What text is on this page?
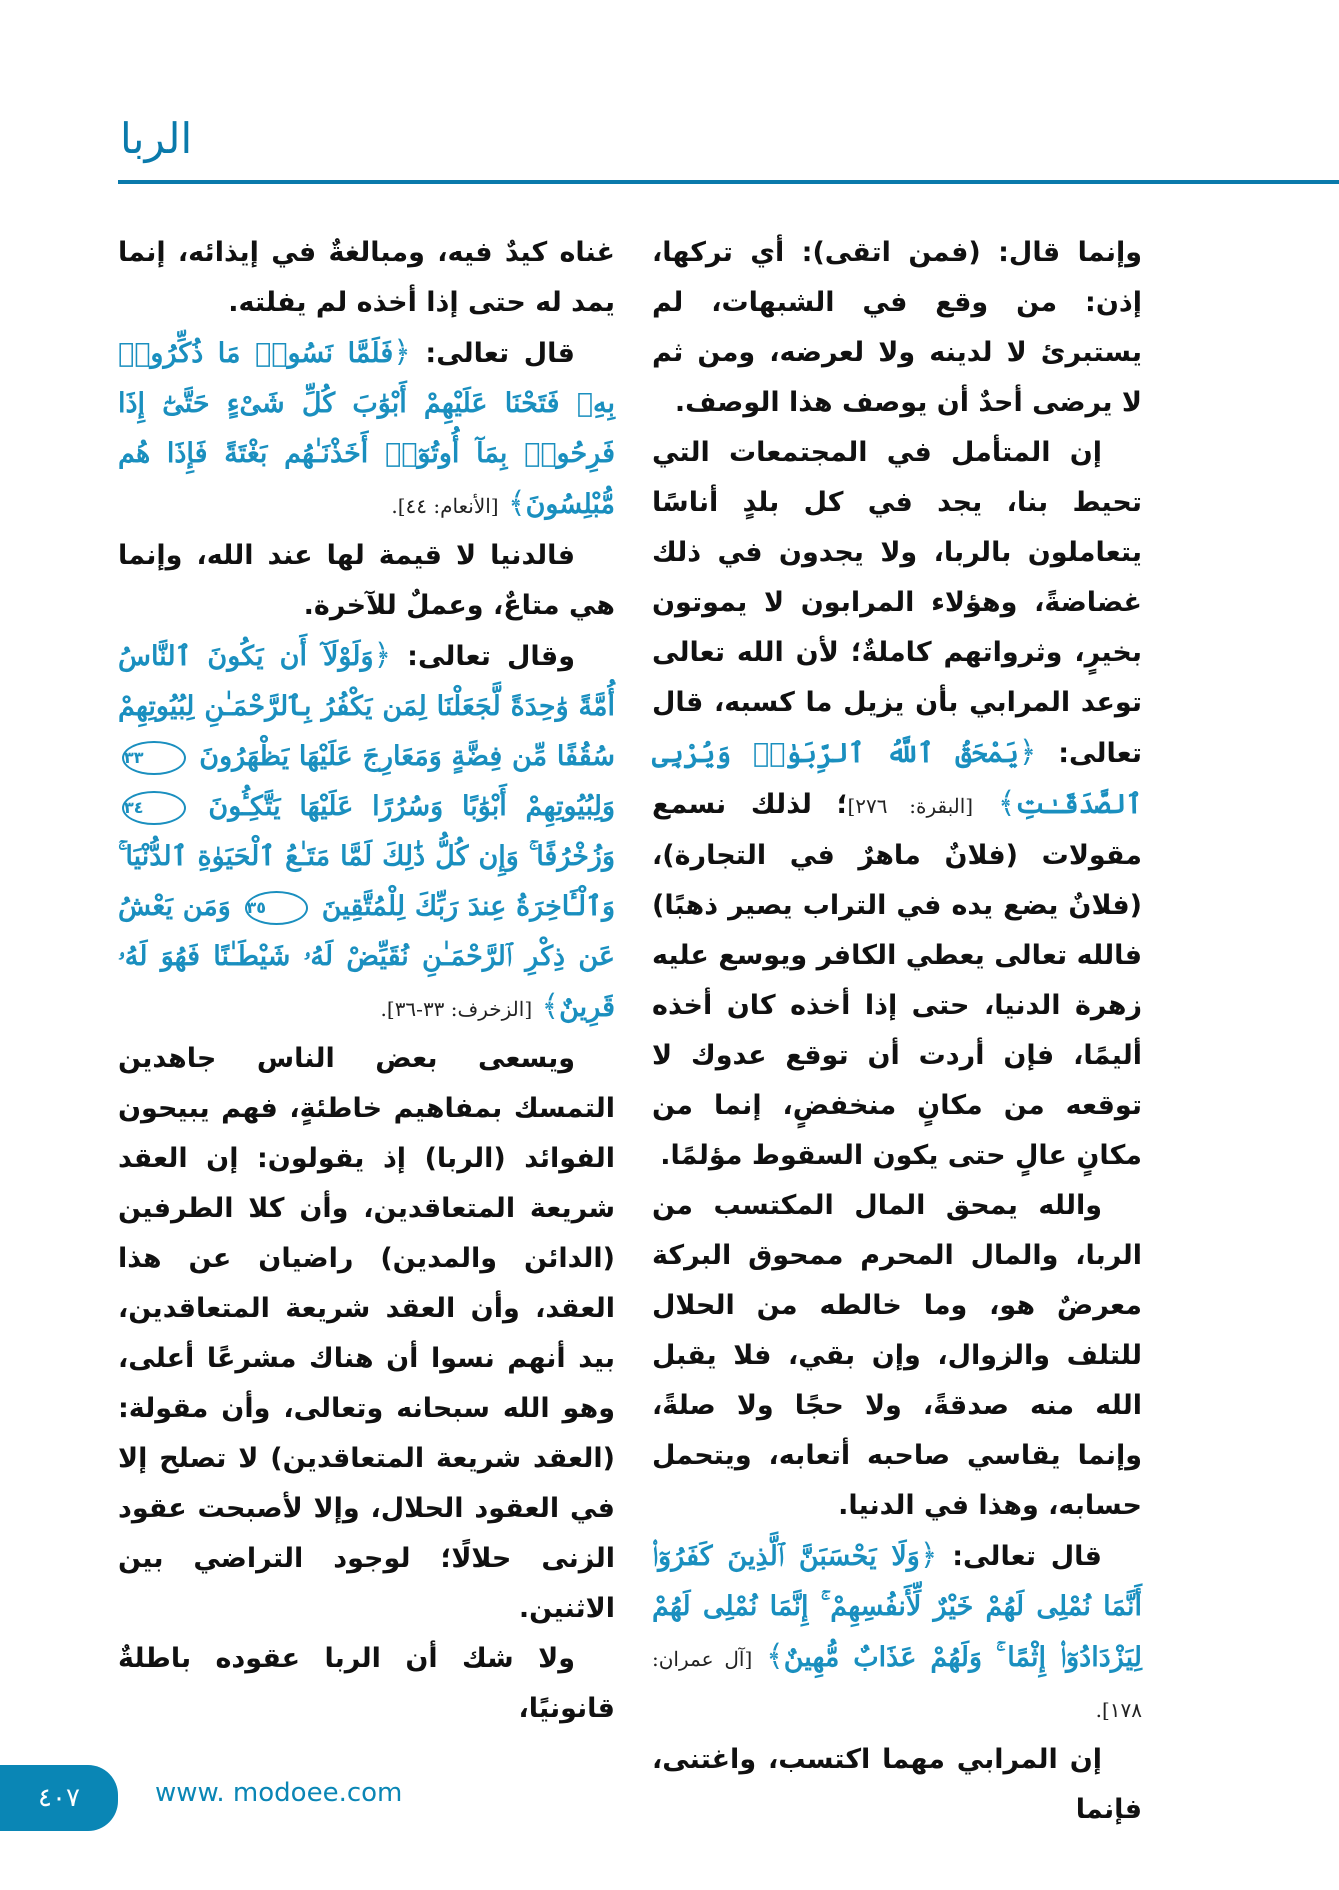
الربا

وإنما قال: (فمن اتقى): أي تركها، إذن: من وقع في الشبهات، لم يستبرئ لا لدينه ولا لعرضه، ومن ثم لا يرضى أحدٌ أن يوصف هذا الوصف.

إن المتأمل في المجتمعات التي تحيط بنا، يجد في كل بلدٍ أناسًا يتعاملون بالربا، ولا يجدون في ذلك غضاضةً، وهؤلاء المرابون لا يموتون بخيرٍ، وثرواتهم كاملةٌ؛ لأن الله تعالى توعد المرابي بأن يزيل ما كسبه، قال تعالى: ﴿يَمْحَقُ ٱللَّهُ ٱلرِّبَوٰا۟ وَيُرْبِى ٱلصَّدَقَـٰتِ﴾ [البقرة: ٢٧٦]؛ لذلك نسمع مقولات (فلانٌ ماهرٌ في التجارة)، (فلانٌ يضع يده في التراب يصير ذهبًا) فالله تعالى يعطي الكافر ويوسع عليه زهرة الدنيا، حتى إذا أخذه كان أخذه أليمًا، فإن أردت أن توقع عدوك لا توقعه من مكانٍ منخفضٍ، إنما من مكانٍ عالٍ حتى يكون السقوط مؤلمًا.

والله يمحق المال المكتسب من الربا، والمال المحرم ممحوق البركة معرضٌ هو، وما خالطه من الحلال للتلف والزوال، وإن بقي، فلا يقبل الله منه صدقةً، ولا حجًا ولا صلةً، وإنما يقاسي صاحبه أتعابه، ويتحمل حسابه، وهذا في الدنيا.

قال تعالى: ﴿وَلَا يَحْسَبَنَّ ٱلَّذِينَ كَفَرُوٓا۟ أَنَّمَا نُمْلِى لَهُمْ خَيْرٌ لِّأَنفُسِهِمْ ۚ إِنَّمَا نُمْلِى لَهُمْ لِيَزْدَادُوٓا۟ إِثْمًا ۚ وَلَهُمْ عَذَابٌ مُّهِينٌ﴾ [آل عمران: ١٧٨].

إن المرابي مهما اكتسب، واغتنى، فإنما

غناه كيدٌ فيه، ومبالغةٌ في إيذائه، إنما يمد له حتى إذا أخذه لم يفلته.

قال تعالى: ﴿فَلَمَّا نَسُوا۟ مَا ذُكِّرُوا۟ بِهِۦ فَتَحْنَا عَلَيْهِمْ أَبْوَٰبَ كُلِّ شَىْءٍ حَتَّىٰٓ إِذَا فَرِحُوا۟ بِمَآ أُوتُوٓا۟ أَخَذْنَـٰهُم بَغْتَةً فَإِذَا هُم مُّبْلِسُونَ﴾ [الأنعام: ٤٤].

فالدنيا لا قيمة لها عند الله، وإنما هي متاعٌ، وعملٌ للآخرة.

وقال تعالى: ﴿وَلَوْلَآ أَن يَكُونَ ٱلنَّاسُ أُمَّةً وَٰحِدَةً لَّجَعَلْنَا لِمَن يَكْفُرُ بِٱلرَّحْمَـٰنِ لِبُيُوتِهِمْ سُقُفًا مِّن فِضَّةٍ وَمَعَارِجَ عَلَيْهَا يَظْهَرُونَ ٣٣ وَلِبُيُوتِهِمْ أَبْوَٰبًا وَسُرُرًا عَلَيْهَا يَتَّكِـُٔونَ ٣٤ وَزُخْرُفًا ۚ وَإِن كُلُّ ذَٰلِكَ لَمَّا مَتَـٰعُ ٱلْحَيَوٰةِ ٱلدُّنْيَا ۚ وَٱلْـَٔاخِرَةُ عِندَ رَبِّكَ لِلْمُتَّقِينَ ٣٥ وَمَن يَعْشُ عَن ذِكْرِ ٱلرَّحْمَـٰنِ نُقَيِّضْ لَهُۥ شَيْطَـٰنًا فَهُوَ لَهُۥ قَرِينٌ﴾ [الزخرف: ٣٣-٣٦].

ويسعى بعض الناس جاهدين التمسك بمفاهيم خاطئةٍ، فهم يبيحون الفوائد (الربا) إذ يقولون: إن العقد شريعة المتعاقدين، وأن كلا الطرفين (الدائن والمدين) راضيان عن هذا العقد، وأن العقد شريعة المتعاقدين، بيد أنهم نسوا أن هناك مشرعًا أعلى، وهو الله سبحانه وتعالى، وأن مقولة: (العقد شريعة المتعاقدين) لا تصلح إلا في العقود الحلال، وإلا لأصبحت عقود الزنى حلالًا؛ لوجود التراضي بين الاثنين.

ولا شك أن الربا عقوده باطلةٌ قانونيًا،

٤٠٧	www. modoee.com
